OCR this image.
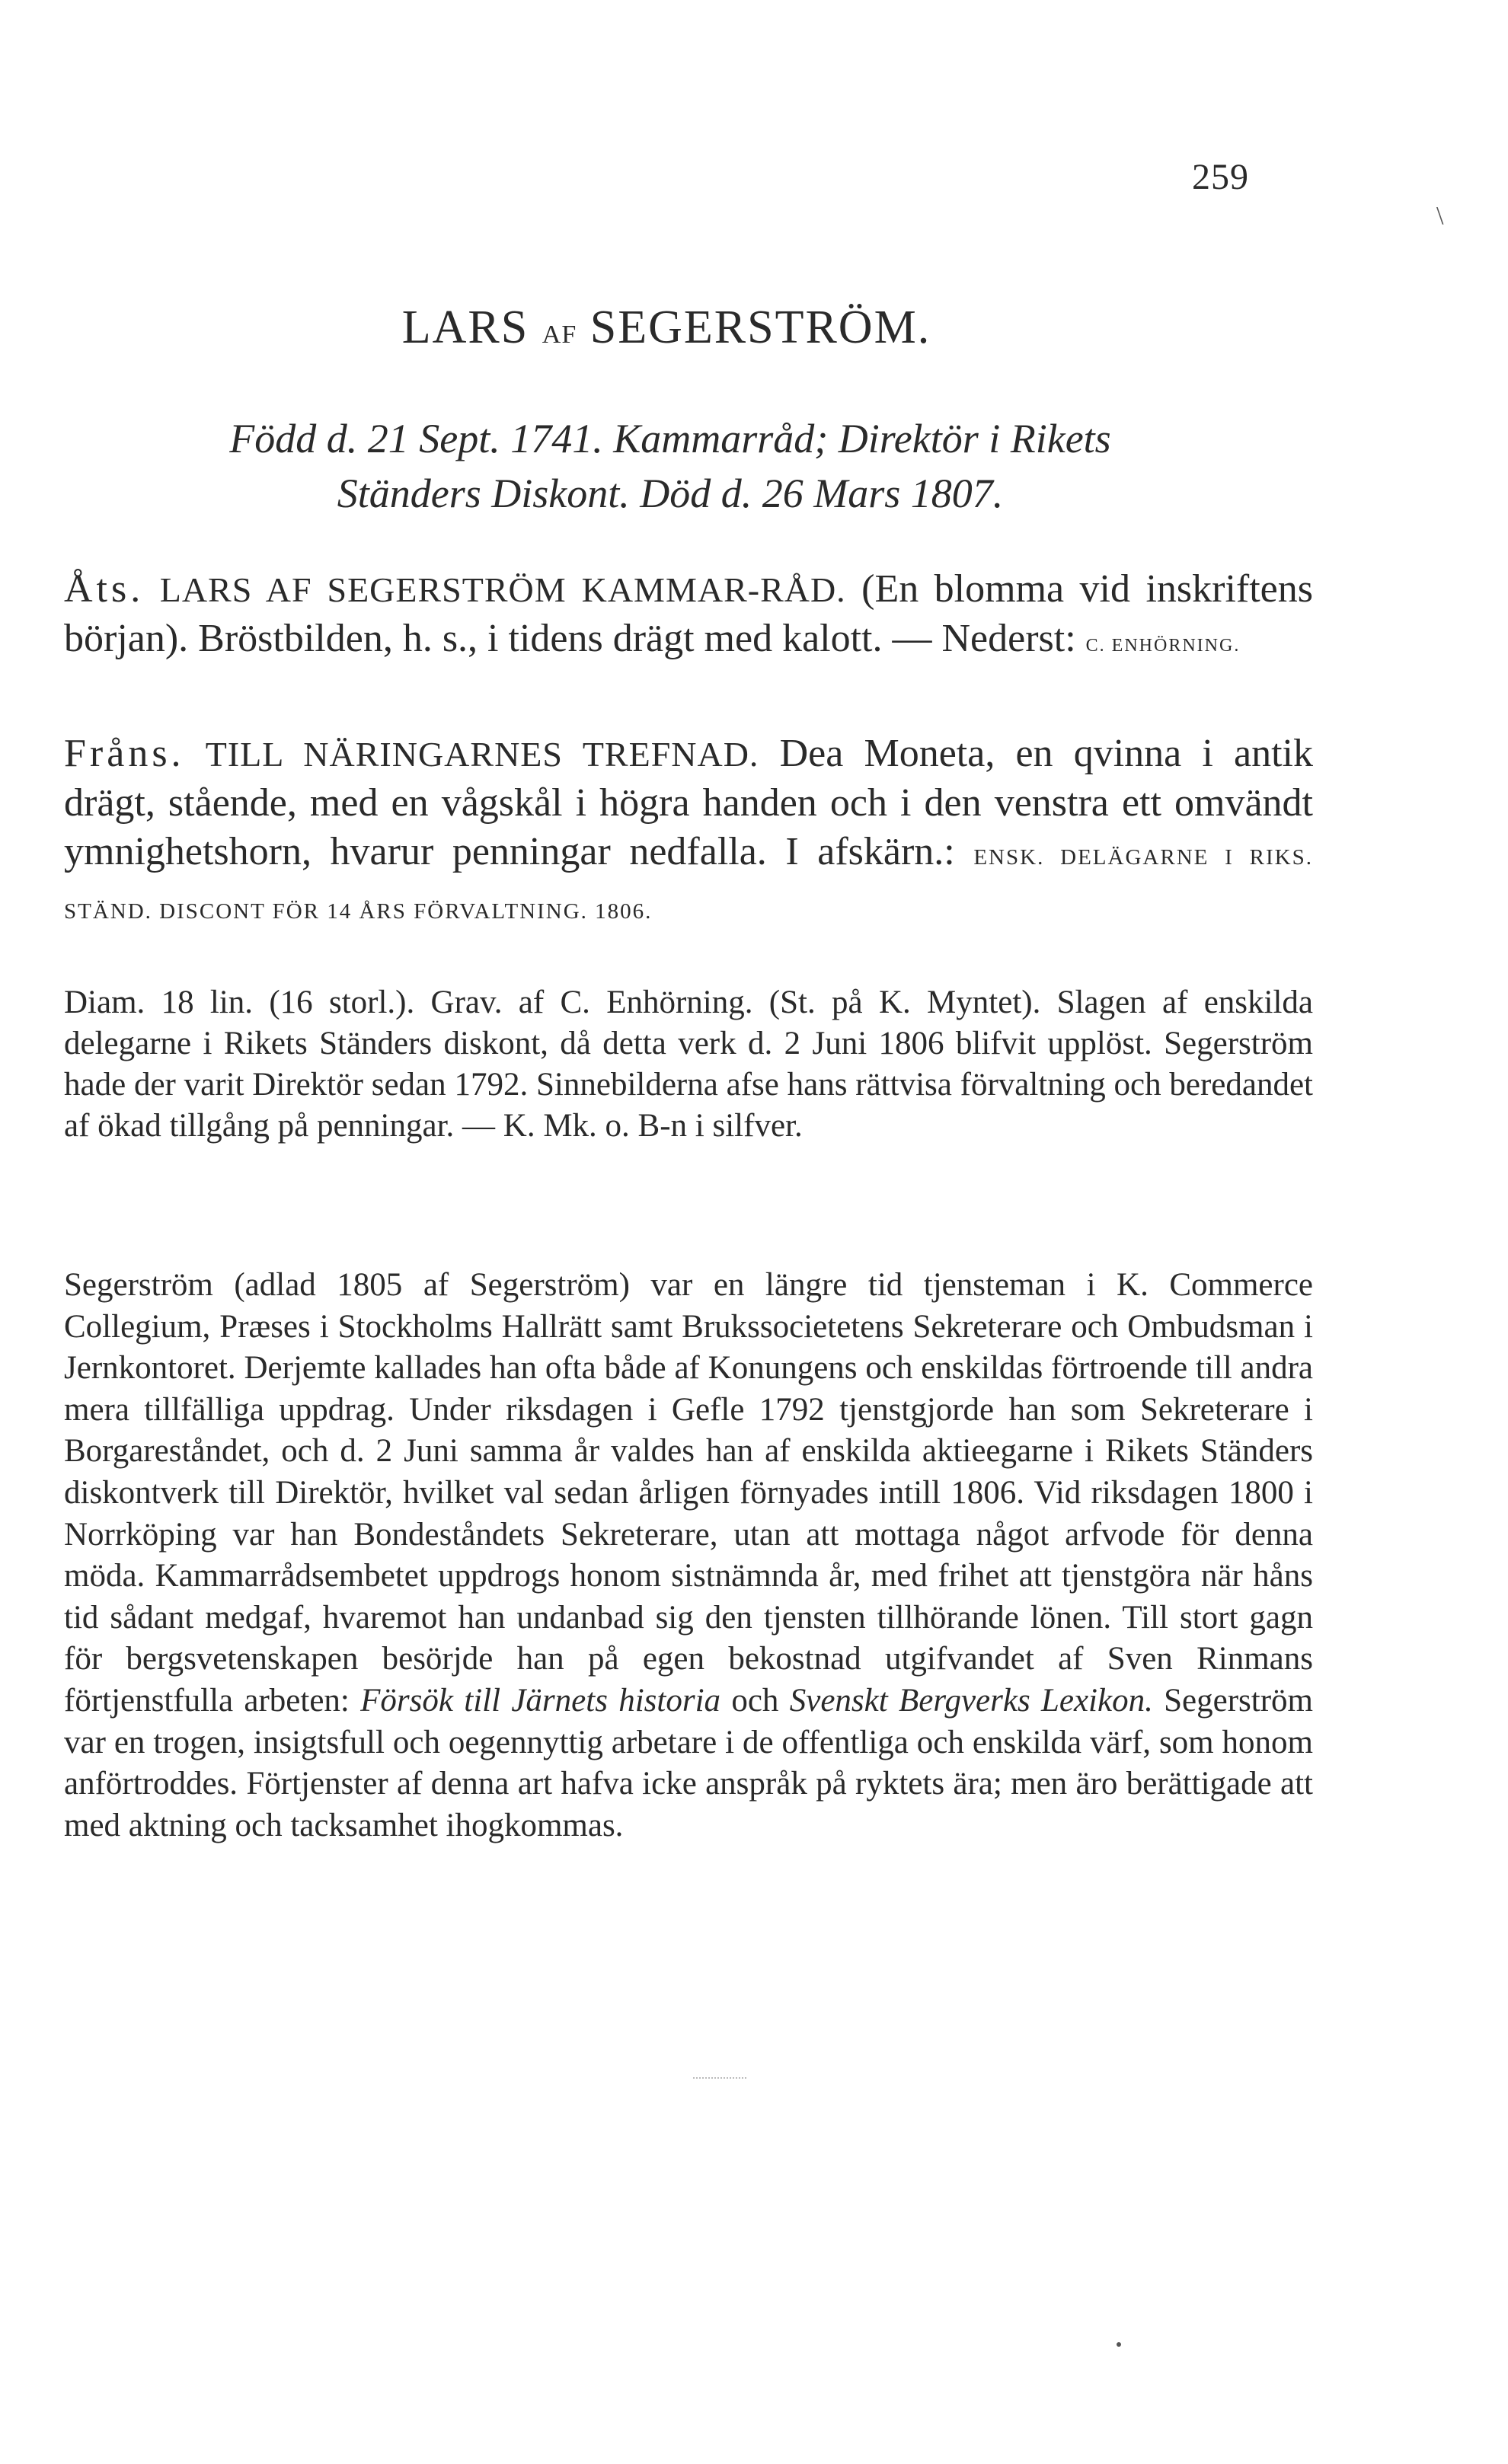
259
\
LARS AF SEGERSTRÖM.
Född d. 21 Sept. 1741. Kammarråd; Direktör i Rikets
Ständers Diskont. Död d. 26 Mars 1807.
Åts. LARS AF SEGERSTRÖM KAMMAR-RÅD. (En blomma vid inskriftens början). Bröstbilden, h. s., i tidens drägt med kalott. — Nederst: C. ENHÖRNING.
Fråns. TILL NÄRINGARNES TREFNAD. Dea Moneta, en qvinna i antik drägt, stående, med en vågskål i högra handen och i den venstra ett omvändt ymnighetshorn, hvarur penningar nedfalla. I afskärn.: ENSK. DELÄGARNE I RIKS. STÄND. DISCONT FÖR 14 ÅRS FÖRVALTNING. 1806.
Diam. 18 lin. (16 storl.). Grav. af C. Enhörning. (St. på K. Myntet). Slagen af enskilda delegarne i Rikets Ständers diskont, då detta verk d. 2 Juni 1806 blifvit upplöst. Segerström hade der varit Direktör sedan 1792. Sinnebilderna afse hans rättvisa förvaltning och beredandet af ökad tillgång på penningar. — K. Mk. o. B-n i silfver.
Segerström (adlad 1805 af Segerström) var en längre tid tjensteman i K. Commerce Collegium, Præses i Stockholms Hallrätt samt Brukssocietetens Sekreterare och Ombudsman i Jernkontoret. Derjemte kallades han ofta både af Konungens och enskildas förtroende till andra mera tillfälliga uppdrag. Under riksdagen i Gefle 1792 tjenstgjorde han som Sekreterare i Borgareståndet, och d. 2 Juni samma år valdes han af enskilda aktieegarne i Rikets Ständers diskontverk till Direktör, hvilket val sedan årligen förnyades intill 1806. Vid riksdagen 1800 i Norrköping var han Bondeståndets Sekreterare, utan att mottaga något arfvode för denna möda. Kammarrådsembetet uppdrogs honom sistnämnda år, med frihet att tjenstgöra när håns tid sådant medgaf, hvaremot han undanbad sig den tjensten tillhörande lönen. Till stort gagn för bergsvetenskapen besörjde han på egen bekostnad utgifvandet af Sven Rinmans förtjenstfulla arbeten: Försök till Järnets historia och Svenskt Bergverks Lexikon. Segerström var en trogen, insigtsfull och oegennyttig arbetare i de offentliga och enskilda värf, som honom anförtroddes. Förtjenster af denna art hafva icke anspråk på ryktets ära; men äro berättigade att med aktning och tacksamhet ihogkommas.
